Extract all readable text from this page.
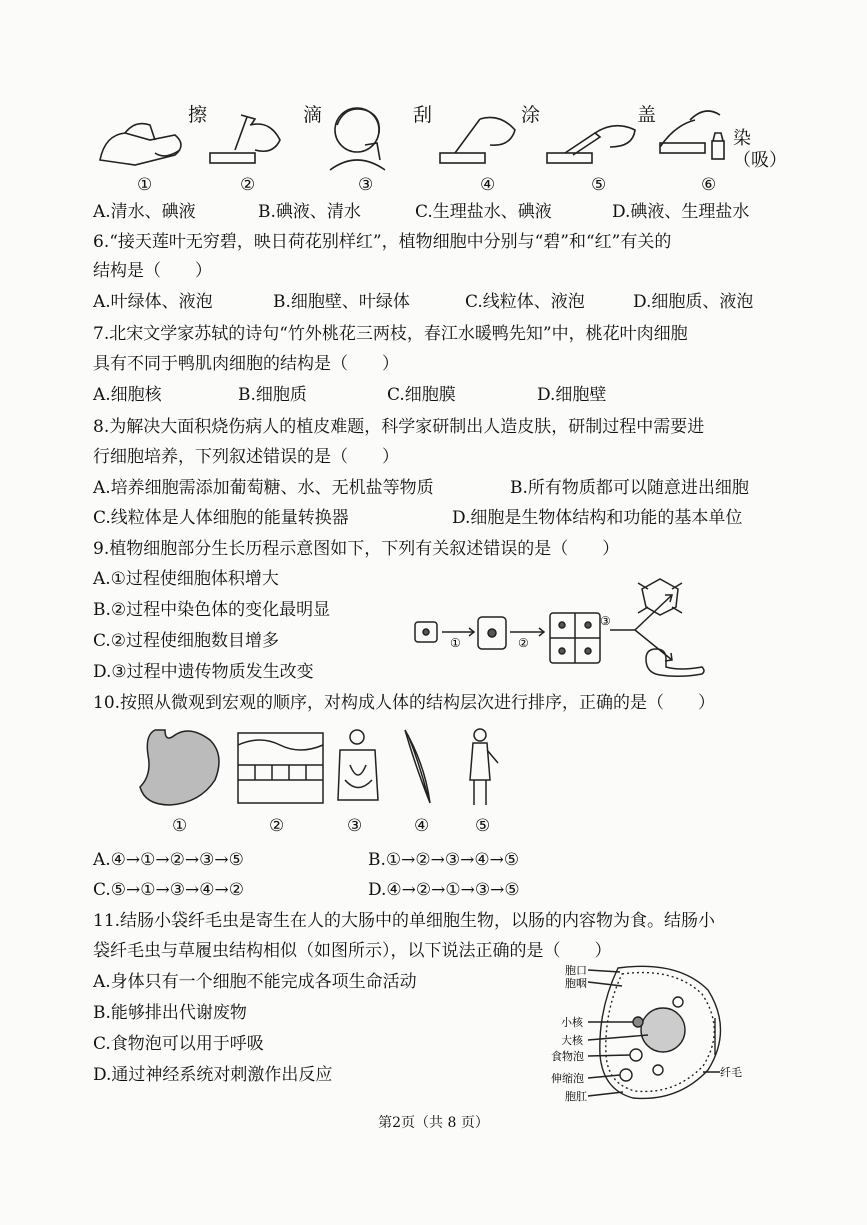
擦	滴	刮	涂	盖
染（吸）
①	②	③	④	⑤	⑥
A.清水、碘液	B.碘液、清水	C.生理盐水、碘液	D.碘液、生理盐水
6.“接天莲叶无穷碧，映日荷花别样红”，植物细胞中分别与“碧”和“红”有关的
结构是（　　）
A.叶绿体、液泡	B.细胞壁、叶绿体	C.线粒体、液泡	D.细胞质、液泡
7.北宋文学家苏轼的诗句“竹外桃花三两枝，春江水暖鸭先知”中，桃花叶肉细胞
具有不同于鸭肌肉细胞的结构是（　　）
A.细胞核	B.细胞质	C.细胞膜	D.细胞壁
8.为解决大面积烧伤病人的植皮难题，科学家研制出人造皮肤，研制过程中需要进
行细胞培养，下列叙述错误的是（　　）
A.培养细胞需添加葡萄糖、水、无机盐等物质	B.所有物质都可以随意进出细胞
C.线粒体是人体细胞的能量转换器	D.细胞是生物体结构和功能的基本单位
9.植物细胞部分生长历程示意图如下，下列有关叙述错误的是（　　）
A.①过程使细胞体积增大
B.②过程中染色体的变化最明显
C.②过程使细胞数目增多
D.③过程中遗传物质发生改变
①	②
③
10.按照从微观到宏观的顺序，对构成人体的结构层次进行排序，正确的是（　　）
①	②	③	④	⑤
A.④→①→②→③→⑤	B.①→②→③→④→⑤
C.⑤→①→③→④→②	D.④→②→①→③→⑤
11.结肠小袋纤毛虫是寄生在人的大肠中的单细胞生物，以肠的内容物为食。结肠小
袋纤毛虫与草履虫结构相似（如图所示），以下说法正确的是（　　）
A.身体只有一个细胞不能完成各项生命活动
B.能够排出代谢废物
C.食物泡可以用于呼吸
D.通过神经系统对刺激作出反应
胞口
胞咽
小核
大核
食物泡
伸缩泡
胞肛
纤毛
第2页（共 8 页）
